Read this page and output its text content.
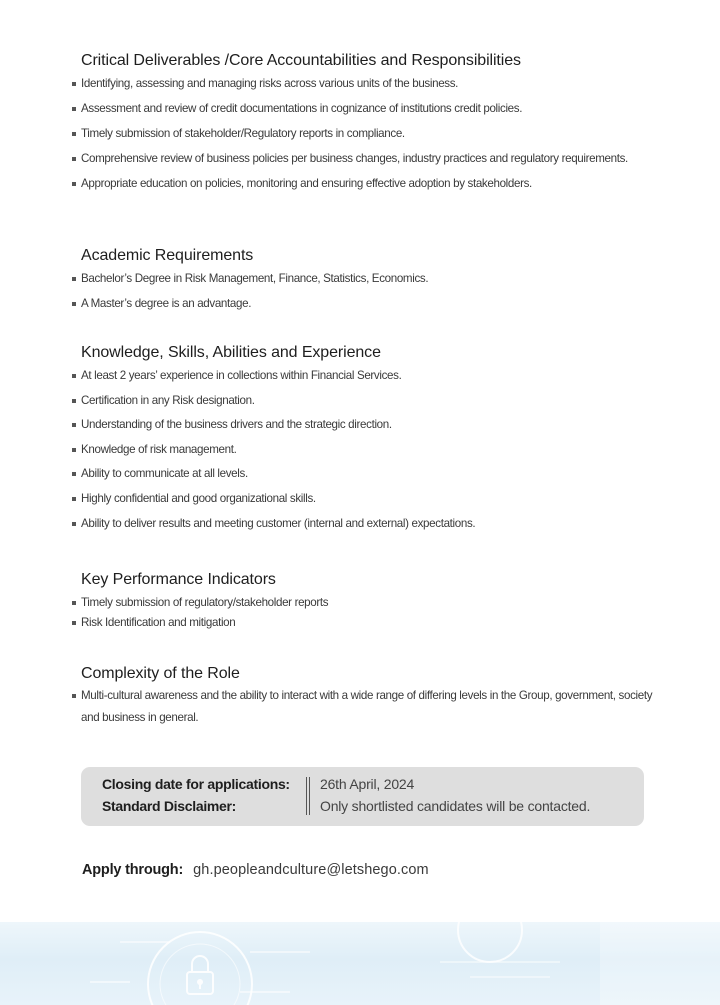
Critical Deliverables /Core Accountabilities and Responsibilities
Identifying, assessing and managing risks across various units of the business.
Assessment and review of credit documentations in cognizance of institutions credit policies.
Timely submission of stakeholder/Regulatory reports in compliance.
Comprehensive review of business policies per business changes, industry practices and regulatory requirements.
Appropriate education on policies, monitoring and ensuring effective adoption by stakeholders.
Academic Requirements
Bachelor’s Degree in Risk Management, Finance, Statistics, Economics.
A Master’s degree is an advantage.
Knowledge, Skills, Abilities and Experience
At least 2 years’ experience in collections within Financial Services.
Certification in any Risk designation.
Understanding of the business drivers and the strategic direction.
Knowledge of risk management.
Ability to communicate at all levels.
Highly confidential and good organizational skills.
Ability to deliver results and meeting customer (internal and external) expectations.
Key Performance Indicators
Timely submission of regulatory/stakeholder reports
Risk Identification and mitigation
Complexity of the Role
Multi-cultural awareness and the ability to interact with a wide range of differing levels in the Group, government, society and business in general.
Closing date for applications: 26th April, 2024
Standard Disclaimer:	Only shortlisted candidates will be contacted.
Apply through: gh.peopleandculture@letshego.com
